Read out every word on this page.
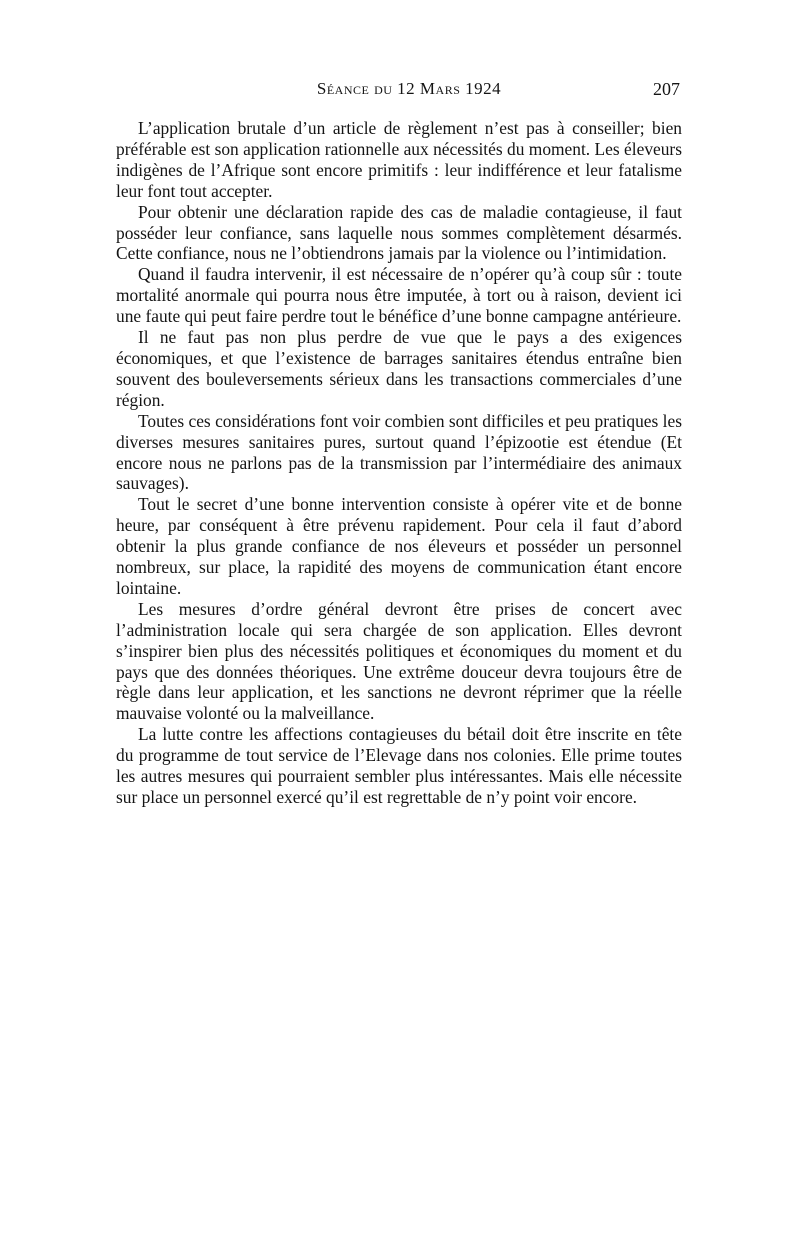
Séance du 12 Mars 1924	207

L’application brutale d’un article de règlement n’est pas à conseiller; bien préférable est son application rationnelle aux nécessités du moment. Les éleveurs indigènes de l’Afrique sont encore primitifs : leur indifférence et leur fatalisme leur font tout accepter.

Pour obtenir une déclaration rapide des cas de maladie contagieuse, il faut posséder leur confiance, sans laquelle nous sommes complètement désarmés. Cette confiance, nous ne l’obtiendrons jamais par la violence ou l’intimidation.

Quand il faudra intervenir, il est nécessaire de n’opérer qu’à coup sûr : toute mortalité anormale qui pourra nous être imputée, à tort ou à raison, devient ici une faute qui peut faire perdre tout le bénéfice d’une bonne campagne antérieure.

Il ne faut pas non plus perdre de vue que le pays a des exigences économiques, et que l’existence de barrages sanitaires étendus entraîne bien souvent des bouleversements sérieux dans les transactions commerciales d’une région.

Toutes ces considérations font voir combien sont difficiles et peu pratiques les diverses mesures sanitaires pures, surtout quand l’épizootie est étendue (Et encore nous ne parlons pas de la transmission par l’intermédiaire des animaux sauvages).

Tout le secret d’une bonne intervention consiste à opérer vite et de bonne heure, par conséquent à être prévenu rapidement. Pour cela il faut d’abord obtenir la plus grande confiance de nos éleveurs et posséder un personnel nombreux, sur place, la rapidité des moyens de communication étant encore lointaine.

Les mesures d’ordre général devront être prises de concert avec l’administration locale qui sera chargée de son application. Elles devront s’inspirer bien plus des nécessités politiques et économiques du moment et du pays que des données théoriques. Une extrême douceur devra toujours être de règle dans leur application, et les sanctions ne devront réprimer que la réelle mauvaise volonté ou la malveillance.

La lutte contre les affections contagieuses du bétail doit être inscrite en tête du programme de tout service de l’Elevage dans nos colonies. Elle prime toutes les autres mesures qui pourraient sembler plus intéressantes. Mais elle nécessite sur place un personnel exercé qu’il est regrettable de n’y point voir encore.
